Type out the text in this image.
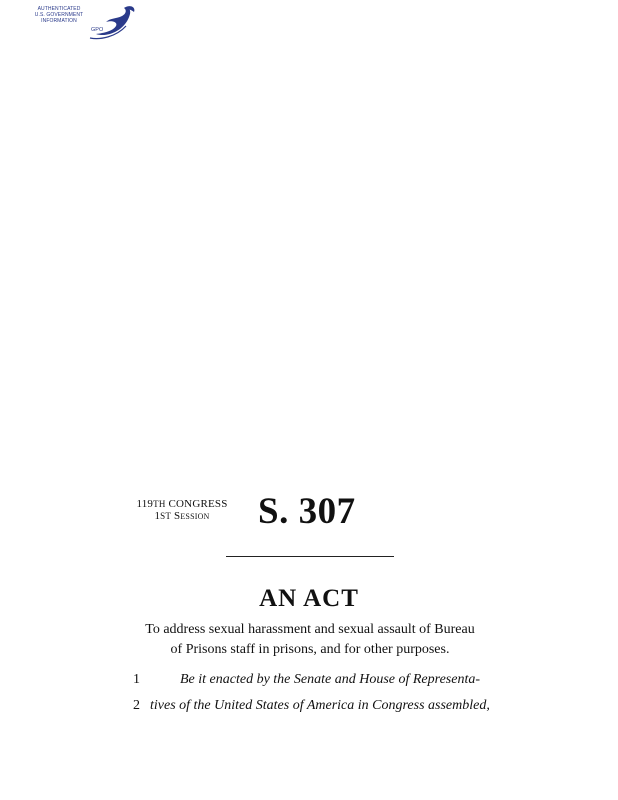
AUTHENTICATED
U.S. GOVERNMENT
INFORMATION
GPO
119TH CONGRESS
1ST Session	S. 307
AN ACT
To address sexual harassment and sexual assault of Bureau
of Prisons staff in prisons, and for other purposes.
1	Be it enacted by the Senate and House of Representa-
2 tives of the United States of America in Congress assembled,
